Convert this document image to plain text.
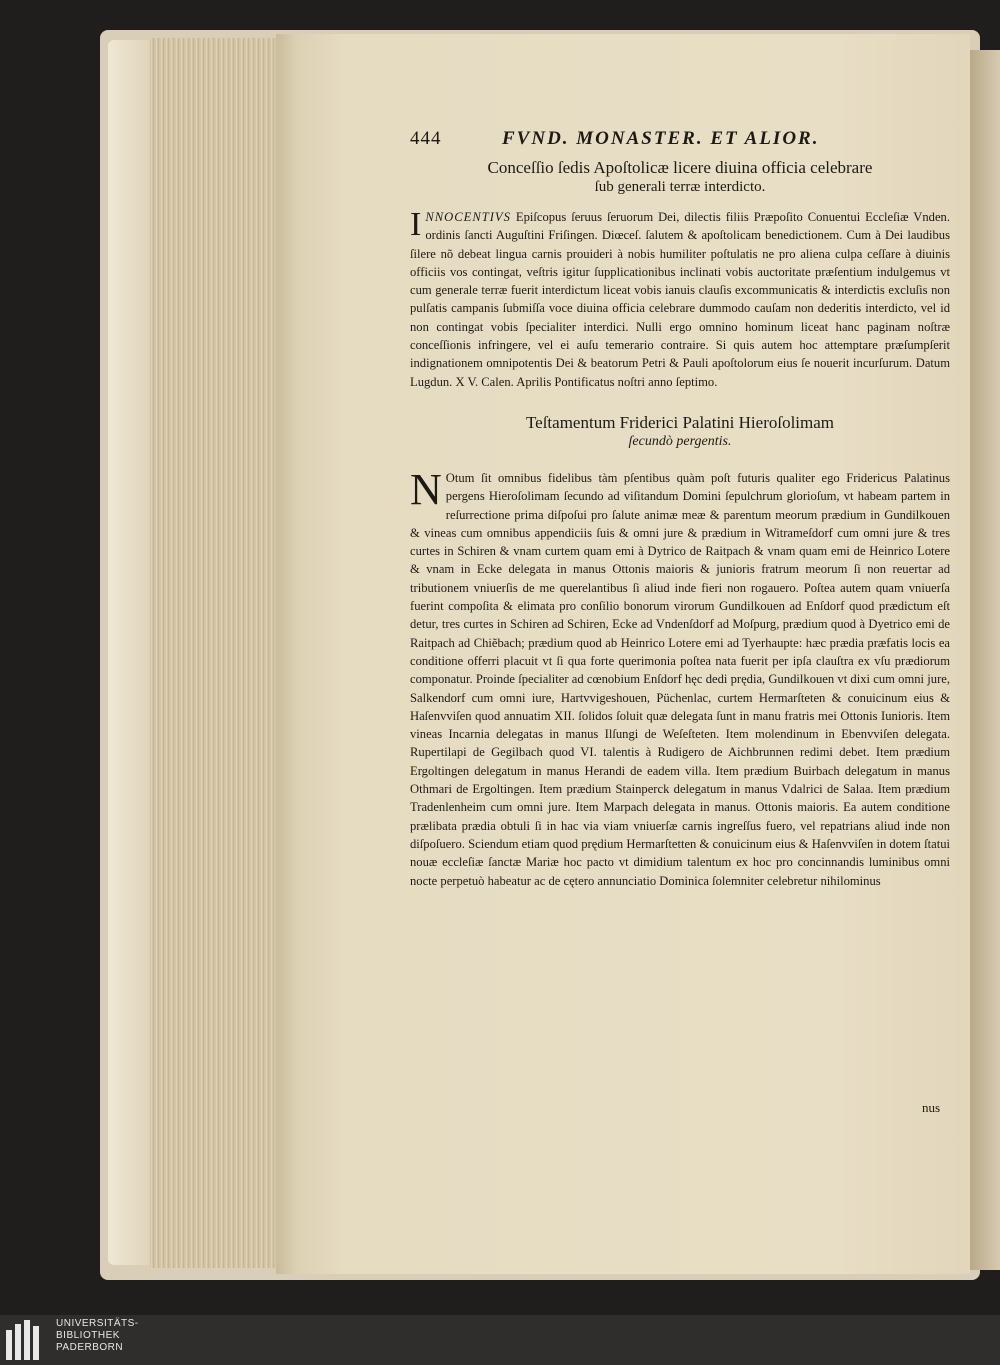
444	FVND. MONASTER. ET ALIOR.
Conceſſio ſedis Apoſtolicæ licere diuina officia celebrare
ſub generali terræ interdicto.
I NNOCENTIVS Epiſcopus ſeruus ſeruorum Dei, dilectis filiis Præpoſito Conuentui Eccleſiæ Vnden. ordinis ſancti Auguſtini Friſingen. Diœceſ. ſalutem & apoſtolicam benedictionem. Cum à Dei laudibus ſilere nõ debeat lingua carnis prouideri à nobis humiliter poſtulatis ne pro aliena culpa ceſſare à diuinis officiis vos contingat, veſtris igitur ſupplicationibus inclinati vobis auctoritate præſentium indulgemus vt cum generale terræ fuerit interdictum liceat vobis ianuis clauſis excommunicatis & interdictis excluſis non pulſatis campanis ſubmiſſa voce diuina officia celebrare dummodo cauſam non dederitis interdicto, vel id non contingat vobis ſpecialiter interdici. Nulli ergo omnino hominum liceat hanc paginam noſtræ conceſſionis infringere, vel ei auſu temerario contraire. Si quis autem hoc attemptare præſumpſerit indignationem omnipotentis Dei & beatorum Petri & Pauli apoſtolorum eius ſe nouerit incurſurum. Datum Lugdun. X V. Calen. Aprilis Pontificatus noſtri anno ſeptimo.
Teſtamentum Friderici Palatini Hieroſolimam
ſecundò pergentis.
N Otum ſit omnibus fidelibus tàm pſentibus quàm poſt futuris qualiter ego Fridericus Palatinus pergens Hieroſolimam ſecundo ad viſitandum Domini ſepulchrum glorioſum, vt habeam partem in reſurrectione prima diſpoſui pro ſalute animæ meæ & parentum meorum prædium in Gundilkouen & vineas cum omnibus appendiciis ſuis & omni jure & prædium in Witrameſdorf cum omni jure & tres curtes in Schiren & vnam curtem quam emi à Dytrico de Raitpach & vnam quam emi de Heinrico Lotere & vnam in Ecke delegata in manus Ottonis maioris & junioris fratrum meorum ſi non reuertar ad tributionem vniuerſis de me querelantibus ſi aliud inde fieri non rogauero. Poſtea autem quam vniuerſa fuerint compoſita & elimata pro conſilio bonorum virorum Gundilkouen ad Enſdorf quod prædictum eſt detur, tres curtes in Schiren ad Schiren, Ecke ad Vndenſdorf ad Moſpurg, prædium quod à Dyetrico emi de Raitpach ad Chiẽbach; prædium quod ab Heinrico Lotere emi ad Tyerhaupte: hæc prædia præfatis locis ea conditione offerri placuit vt ſi qua forte querimonia poſtea nata fuerit per ipſa clauſtra ex vſu prædiorum componatur. Proinde ſpecialiter ad cœnobium Enſdorf hęc dedi prędia, Gundilkouen vt dixi cum omni jure, Salkendorf cum omni iure, Hartvvigeshouen, Püchenlac, curtem Hermarſteten & conuicinum eius & Haſenvviſen quod annuatim XII. ſolidos ſoluit quæ delegata ſunt in manu fratris mei Ottonis Iunioris. Item vineas Incarnia delegatas in manus Ilſungi de Weſeſteten. Item molendinum in Ebenvviſen delegata. Rupertilapi de Gegilbach quod VI. talentis à Rudigero de Aichbrunnen redimi debet. Item prædium Ergoltingen delegatum in manus Herandi de eadem villa. Item prædium Buirbach delegatum in manus Othmari de Ergoltingen. Item prædium Stainperck delegatum in manus Vdalrici de Salaa. Item prædium Tradenlenheim cum omni jure. Item Marpach delegata in manus. Ottonis maioris. Ea autem conditione prælibata prædia obtuli ſi in hac via viam vniuerſæ carnis ingreſſus fuero, vel repatrians aliud inde non diſpoſuero. Sciendum etiam quod prędium Hermarſtetten & conuicinum eius & Haſenvviſen in dotem ſtatui nouæ eccleſiæ ſanctæ Mariæ hoc pacto vt dimidium talentum ex hoc pro concinnandis luminibus omni nocte perpetuò habeatur ac de cętero annunciatio Dominica ſolemniter celebretur nihilominus
nus
UNIVERSITÄTS-
BIBLIOTHEK
PADERBORN
